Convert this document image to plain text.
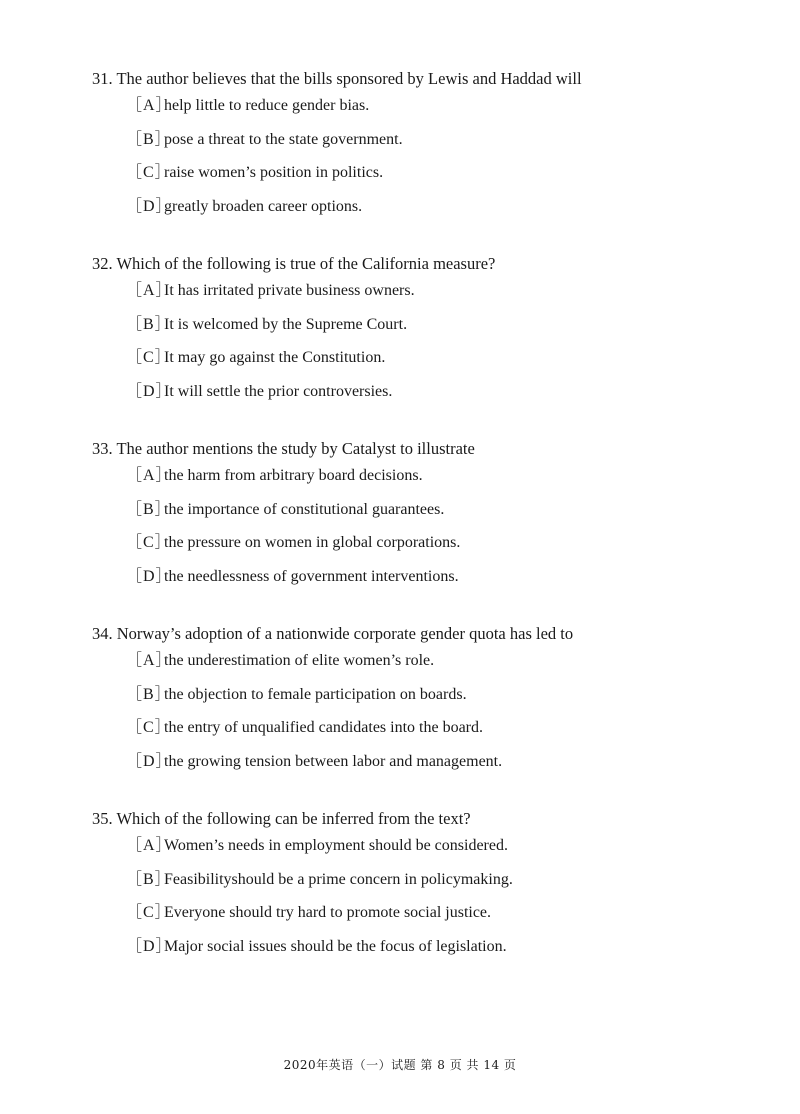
31. The author believes that the bills sponsored by Lewis and Haddad will
［A］
help little to reduce gender bias.
［B］
pose a threat to the state government.
［C］
raise women’s position in politics.
［D］
greatly broaden career options.
32. Which of the following is true of the California measure?
［A］
It has irritated private business owners.
［B］
It is welcomed by the Supreme Court.
［C］
It may go against the Constitution.
［D］
It will settle the prior controversies.
33. The author mentions the study by Catalyst to illustrate
［A］
the harm from arbitrary board decisions.
［B］
the importance of constitutional guarantees.
［C］
the pressure on women in global corporations.
［D］
the needlessness of government interventions.
34. Norway’s adoption of a nationwide corporate gender quota has led to
［A］
the underestimation of elite women’s role.
［B］
the objection to female participation on boards.
［C］
the entry of unqualified candidates into the board.
［D］
the growing tension between labor and management.
35. Which of the following can be inferred from the text?
［A］
Women’s needs in employment should be considered.
［B］
Feasibilityshould be a prime concern in policymaking.
［C］
Everyone should try hard to promote social justice.
［D］
Major social issues should be the focus of legislation.
2020年英语（一）试题 第 8 页 共 14 页
